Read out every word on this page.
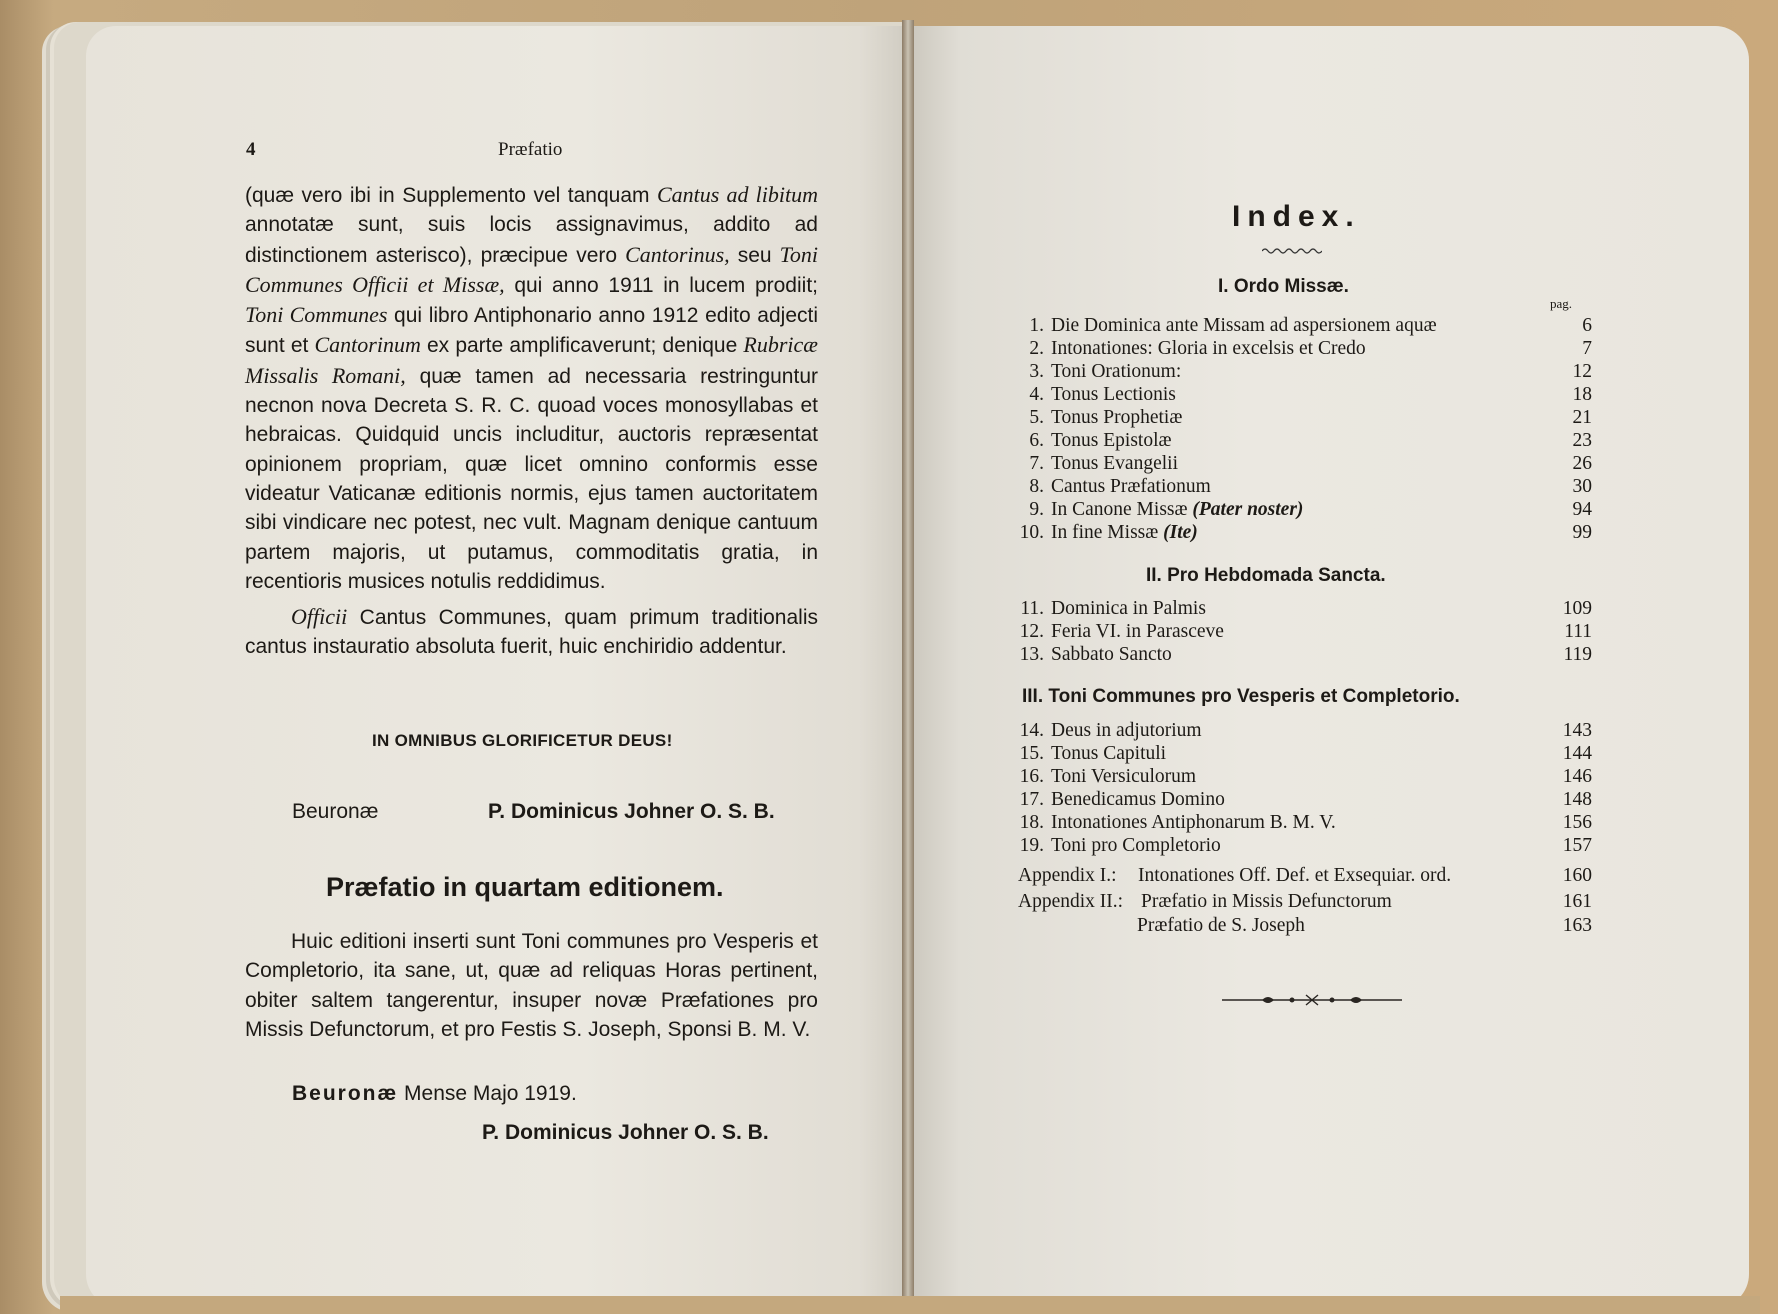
4	Præfatio

(quæ vero ibi in Supplemento vel tanquam Cantus ad libitum annotatæ sunt, suis locis assignavimus, addito ad distinctionem asterisco), præcipue vero Cantorinus, seu Toni Communes Officii et Missæ, qui anno 1911 in lucem prodiit; Toni Communes qui libro Antiphonario anno 1912 edito adjecti sunt et Cantorinum ex parte amplificaverunt; denique Rubricæ Missalis Romani, quæ tamen ad necessaria restringuntur necnon nova Decreta S. R. C. quoad voces monosyllabas et hebraicas. Quidquid uncis includitur, auctoris repræsentat opinionem propriam, quæ licet omnino conformis esse videatur Vaticanæ editionis normis, ejus tamen auctoritatem sibi vindicare nec potest, nec vult. Magnam denique cantuum partem majoris, ut putamus, commoditatis gratia, in recentioris musices notulis reddidimus.

Officii Cantus Communes, quam primum traditionalis cantus instauratio absoluta fuerit, huic enchiridio addentur.

IN OMNIBUS GLORIFICETUR DEUS!
Beuronæ	P. Dominicus Johner O. S. B.
Præfatio in quartam editionem.

Huic editioni inserti sunt Toni communes pro Vesperis et Completorio, ita sane, ut, quæ ad reliquas Horas pertinent, obiter saltem tangerentur, insuper novæ Præfationes pro Missis Defunctorum, et pro Festis S. Joseph, Sponsi B. M. V.

Beuronæ Mense Majo 1919.
P. Dominicus Johner O. S. B.
Index.
I. Ordo Missæ.
pag.
1. Die Dominica ante Missam ad aspersionem aquæ	6
2. Intonationes: Gloria in excelsis et Credo	7
3. Toni Orationum:	12
4. Tonus Lectionis	18
5. Tonus Prophetiæ	21
6. Tonus Epistolæ	23
7. Tonus Evangelii	26
8. Cantus Præfationum	30
9. In Canone Missæ (Pater noster)	94
10. In fine Missæ (Ite)	99
II. Pro Hebdomada Sancta.
11. Dominica in Palmis	109
12. Feria VI. in Parasceve	111
13. Sabbato Sancto	119
III. Toni Communes pro Vesperis et Completorio.
14. Deus in adjutorium	143
15. Tonus Capituli	144
16. Toni Versiculorum	146
17. Benedicamus Domino	148
18. Intonationes Antiphonarum B. M. V.	156
19. Toni pro Completorio	157
Appendix I.: Intonationes Off. Def. et Exsequiar. ord.	160
Appendix II.: Præfatio in Missis Defunctorum	161
Præfatio de S. Joseph	163
